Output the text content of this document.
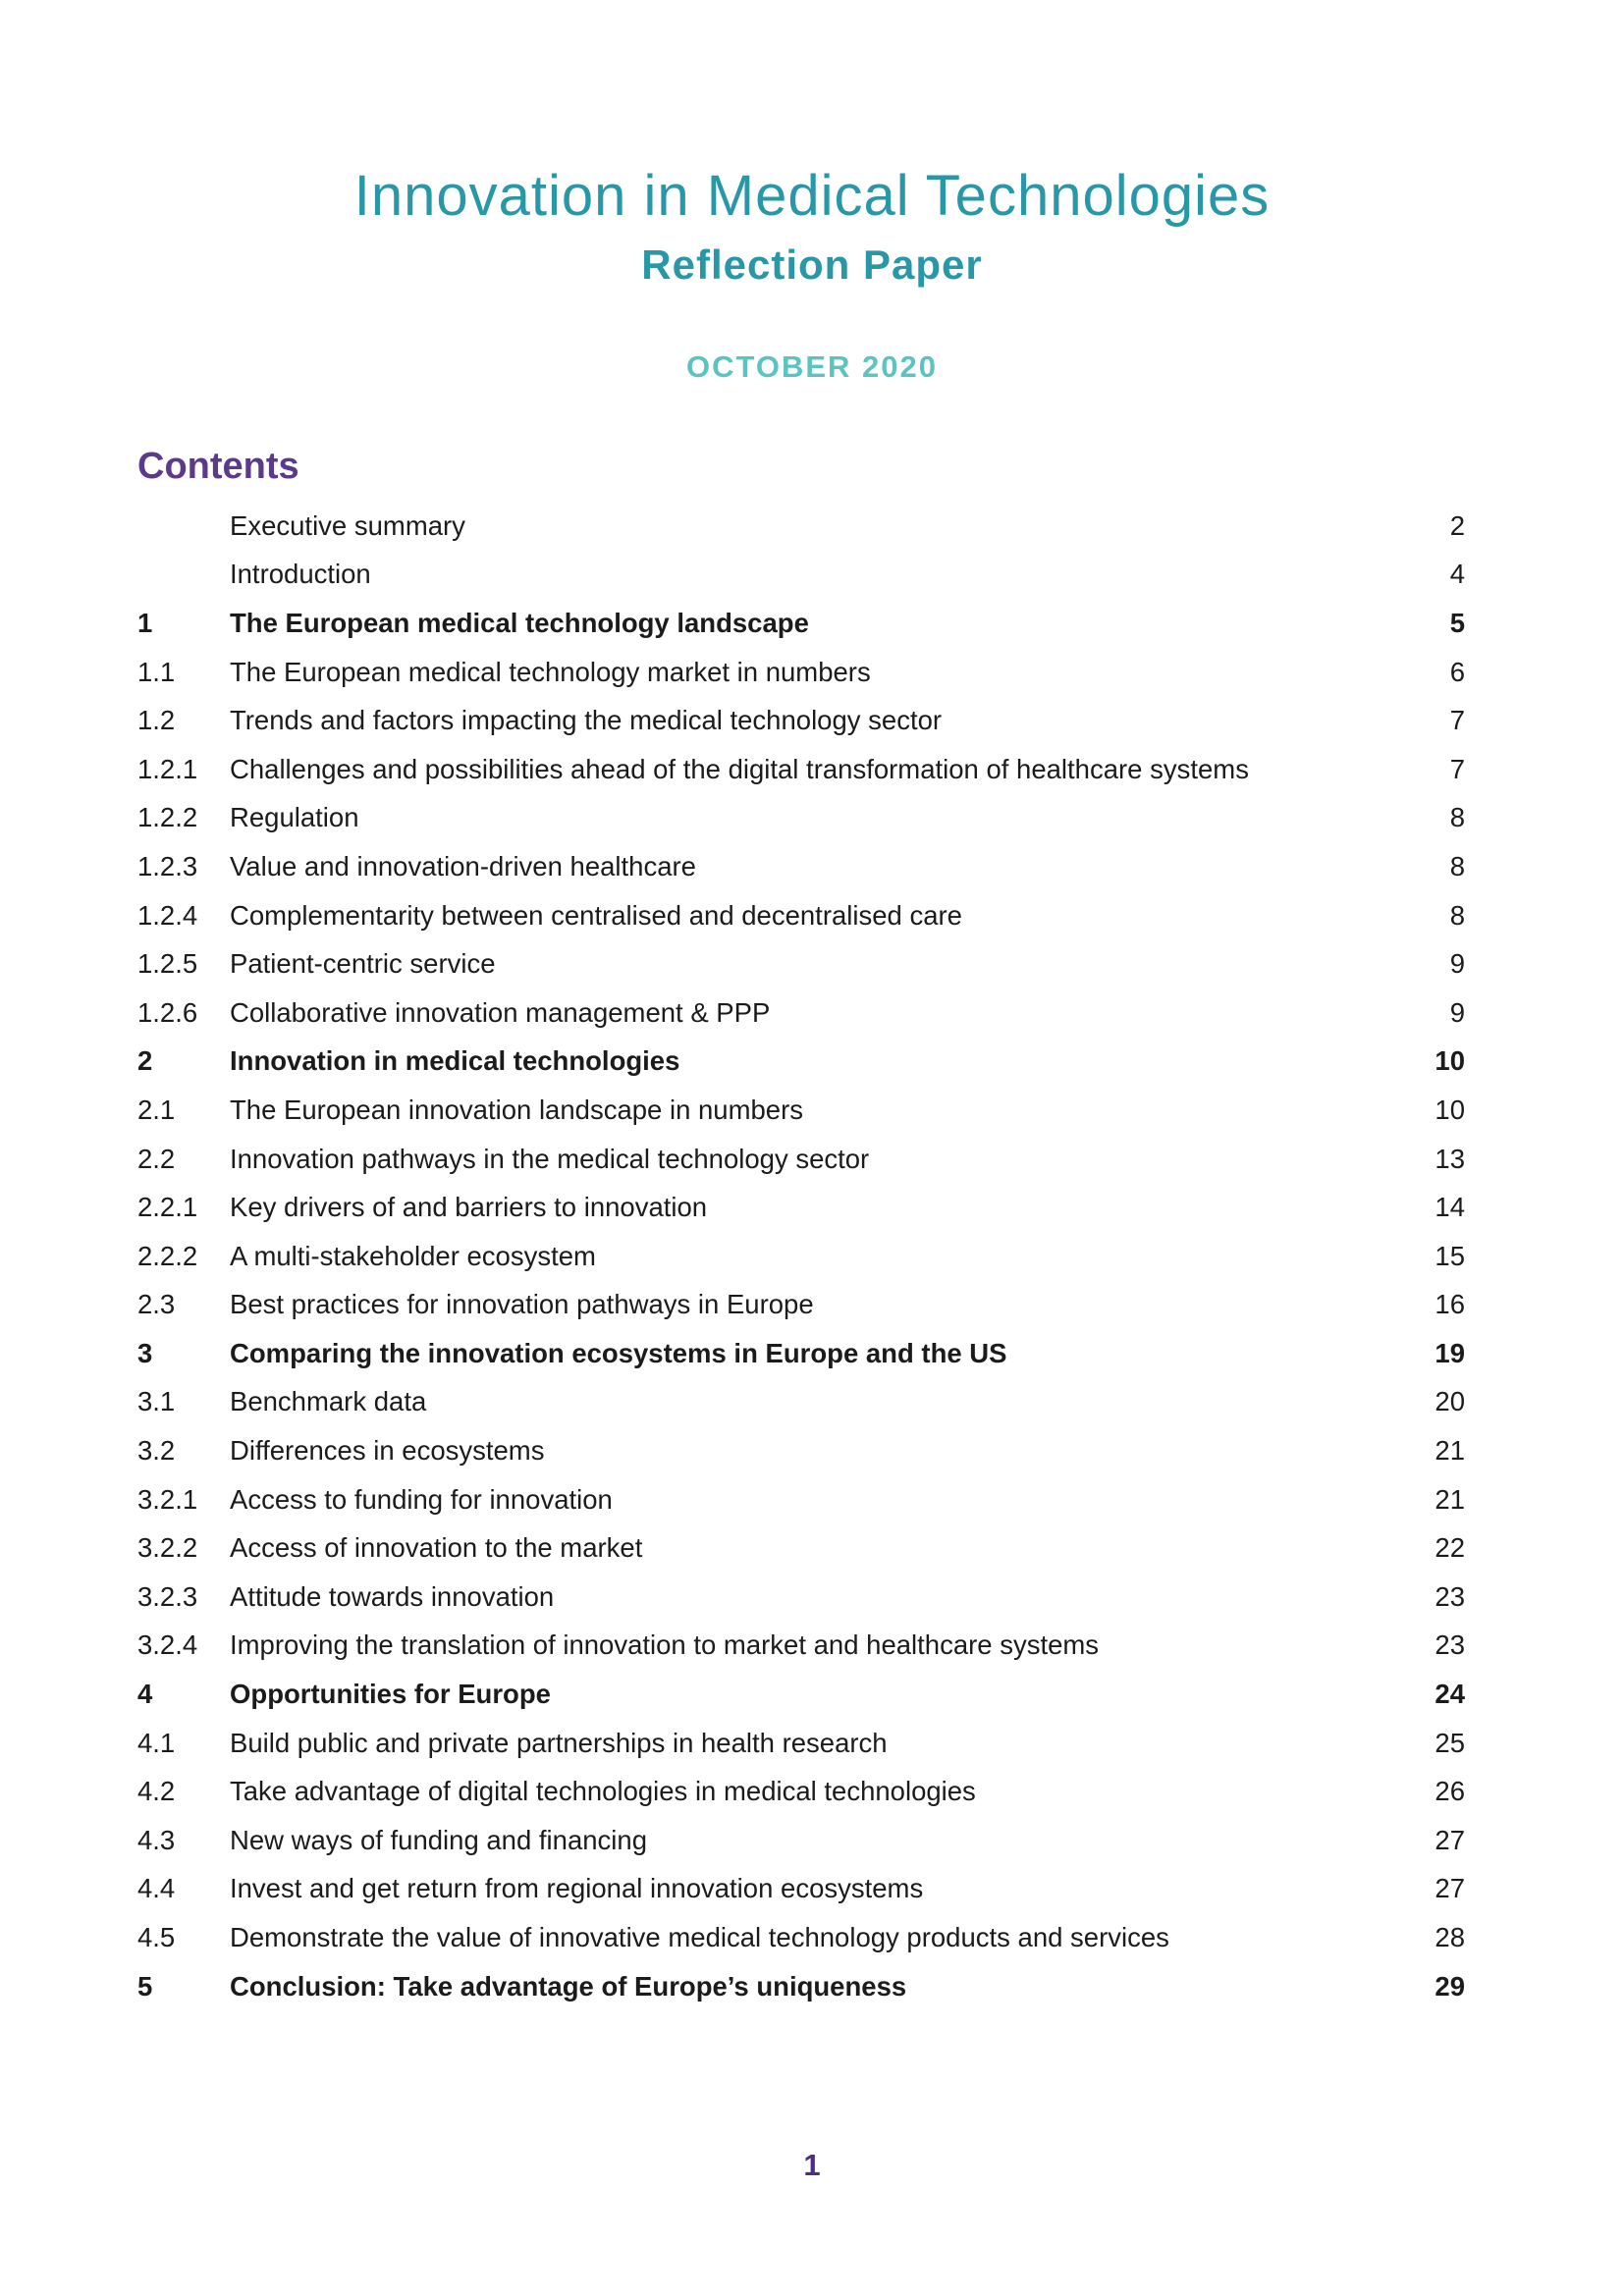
Innovation in Medical Technologies
Reflection Paper
OCTOBER 2020
Contents
Executive summary	2
Introduction	4
1	The European medical technology landscape	5
1.1	The European medical technology market in numbers	6
1.2	Trends and factors impacting the medical technology sector	7
1.2.1	Challenges and possibilities ahead of the digital transformation of healthcare systems	7
1.2.2	Regulation	8
1.2.3	Value and innovation-driven healthcare	8
1.2.4	Complementarity between centralised and decentralised care	8
1.2.5	Patient-centric service	9
1.2.6	Collaborative innovation management & PPP	9
2	Innovation in medical technologies	10
2.1	The European innovation landscape in numbers	10
2.2	Innovation pathways in the medical technology sector	13
2.2.1	Key drivers of and barriers to innovation	14
2.2.2	A multi-stakeholder ecosystem	15
2.3	Best practices for innovation pathways in Europe	16
3	Comparing the innovation ecosystems in Europe and the US	19
3.1	Benchmark data	20
3.2	Differences in ecosystems	21
3.2.1	Access to funding for innovation	21
3.2.2	Access of innovation to the market	22
3.2.3	Attitude towards innovation	23
3.2.4	Improving the translation of innovation to market and healthcare systems	23
4	Opportunities for Europe	24
4.1	Build public and private partnerships in health research	25
4.2	Take advantage of digital technologies in medical technologies	26
4.3	New ways of funding and financing	27
4.4	Invest and get return from regional innovation ecosystems	27
4.5	Demonstrate the value of innovative medical technology products and services	28
5	Conclusion: Take advantage of Europe’s uniqueness	29
1
